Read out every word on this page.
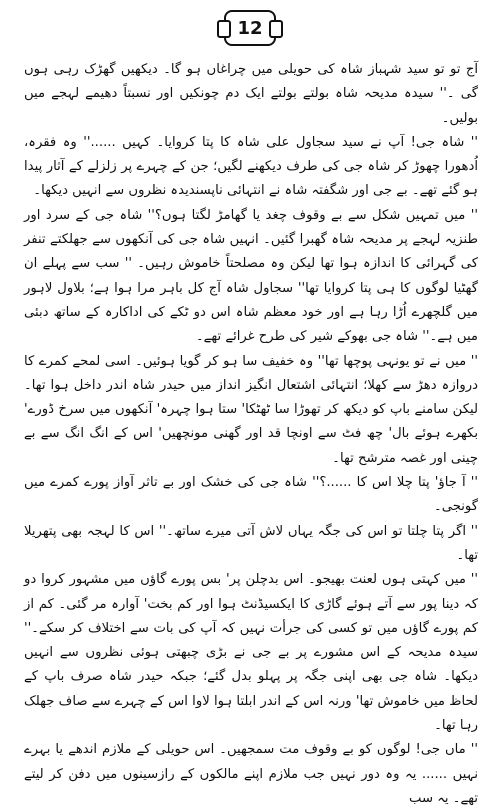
12

آج تو تو سید شہباز شاہ کی حویلی میں چراغاں ہو گا۔ دیکھیں گھڑک رہی ہوں گی ۔'' سیدہ مدیحہ شاہ بولتے بولتے ایک دم چونکیں اور نسبتاً دھیمے لہجے میں بولیں۔

'' شاہ جی! آپ نے سید سجاول علی شاہ کا پتا کروایا۔ کہیں ......'' وہ فقرہ، اُدھورا چھوڑ کر شاہ جی کی طرف دیکھنے لگیں؛ جن کے چہرے پر زلزلے کے آثار پیدا ہو گئے تھے۔ بے جی اور شگفتہ شاہ نے انتہائی ناپسندیدہ نظروں سے انہیں دیکھا۔

'' میں تمہیں شکل سے بے وقوف چغد یا گھامڑ لگتا ہوں؟'' شاہ جی کے سرد اور طنزیہ لہجے پر مدیحہ شاہ گھبرا گئیں۔ انہیں شاہ جی کی آنکھوں سے جھلکتے تنفر کی گہرائی کا اندازہ ہوا تھا لیکن وہ مصلحتاً خاموش رہیں۔ '' سب سے پہلے ان گھٹیا لوگوں کا ہی پتا کروایا تھا'' سجاول شاہ آج کل باہر مرا ہوا ہے؛ بلاول لاہور میں گلچھرے اُڑا رہا ہے اور خود معظم شاہ اس دو ٹکے کی اداکارہ کے ساتھ دبئی میں ہے۔'' شاہ جی بھوکے شیر کی طرح غرائے تھے۔

'' میں نے تو یونہی پوچھا تھا'' وہ خفیف سا ہو کر گویا ہوئیں۔ اسی لمحے کمرے کا دروازہ دھڑ سے کھلا؛ انتہائی اشتعال انگیز انداز میں حیدر شاہ اندر داخل ہوا تھا۔ لیکن سامنے باپ کو دیکھ کر تھوڑا سا ٹھٹکا' ستا ہوا چہرہ' آنکھوں میں سرخ ڈورے' بکھرے ہوئے بال' چھ فٹ سے اونچا قد اور گھنی مونچھیں' اس کے انگ انگ سے بے چینی اور غصہ مترشح تھا۔

'' آ جاؤ' پتا چلا اس کا ......؟'' شاہ جی کی خشک اور بے تاثر آواز پورے کمرے میں گونجی۔

'' اگر پتا چلتا تو اس کی جگہ یہاں لاش آتی میرے ساتھ۔'' اس کا لہجہ بھی پتھریلا تھا۔

'' میں کہتی ہوں لعنت بھیجو۔ اس بدچلن پر' بس پورے گاؤں میں مشہور کروا دو کہ دینا پور سے آتے ہوئے گاڑی کا ایکسیڈنٹ ہوا اور کم بخت' آوارہ مر گئی۔ کم از کم پورے گاؤں میں تو کسی کی جرأت نہیں کہ آپ کی بات سے اختلاف کر سکے۔'' سیدہ مدیحہ کے اس مشورے پر بے جی نے بڑی چبھتی ہوئی نظروں سے انہیں دیکھا۔ شاہ جی بھی اپنی جگہ پر پہلو بدل گئے؛ جبکہ حیدر شاہ صرف باپ کے لحاظ میں خاموش تھا' ورنہ اس کے اندر ابلتا ہوا لاوا اس کے چہرے سے صاف جھلک رہا تھا۔

'' ماں جی! لوگوں کو بے وقوف مت سمجھیں۔ اس حویلی کے ملازم اندھے یا بہرے نہیں ...... یہ وہ دور نہیں جب ملازم اپنے مالکوں کے رازسینوں میں دفن کر لیتے تھے۔ یہ سب
